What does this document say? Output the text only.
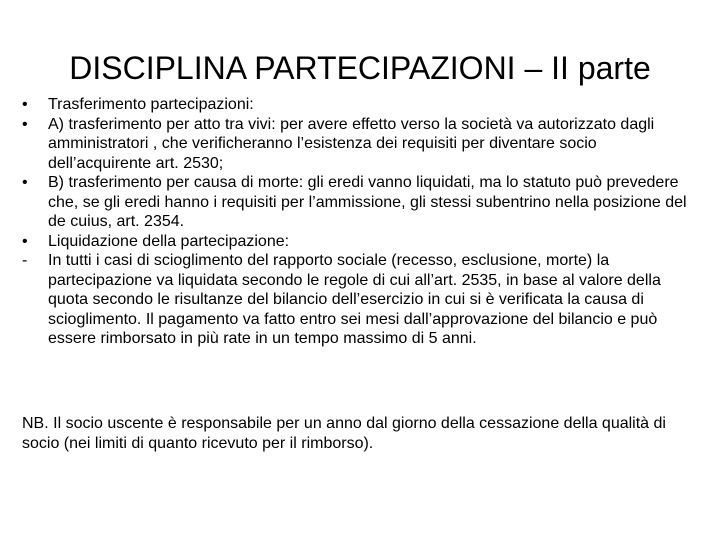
DISCIPLINA PARTECIPAZIONI – II parte
•	Trasferimento partecipazioni:
•	A) trasferimento per atto tra vivi: per avere effetto verso la società va autorizzato dagli amministratori , che verificheranno l’esistenza dei requisiti per diventare socio dell’acquirente art. 2530;
•	B) trasferimento per causa di morte: gli eredi vanno liquidati, ma lo statuto può prevedere che, se gli eredi hanno i requisiti per l’ammissione, gli stessi subentrino nella posizione del de cuius, art. 2354.
•	Liquidazione della partecipazione:
-	In tutti i casi di scioglimento del rapporto sociale (recesso, esclusione, morte) la partecipazione va liquidata secondo le regole di cui all’art. 2535, in base al valore della quota secondo le risultanze del bilancio dell’esercizio in cui si è verificata la causa di scioglimento. Il pagamento va fatto entro sei mesi dall’approvazione del bilancio e può essere rimborsato in più rate in un tempo massimo di 5 anni.

NB. Il socio uscente è responsabile per un anno dal giorno della cessazione della qualità di socio (nei limiti di quanto ricevuto per il rimborso).
